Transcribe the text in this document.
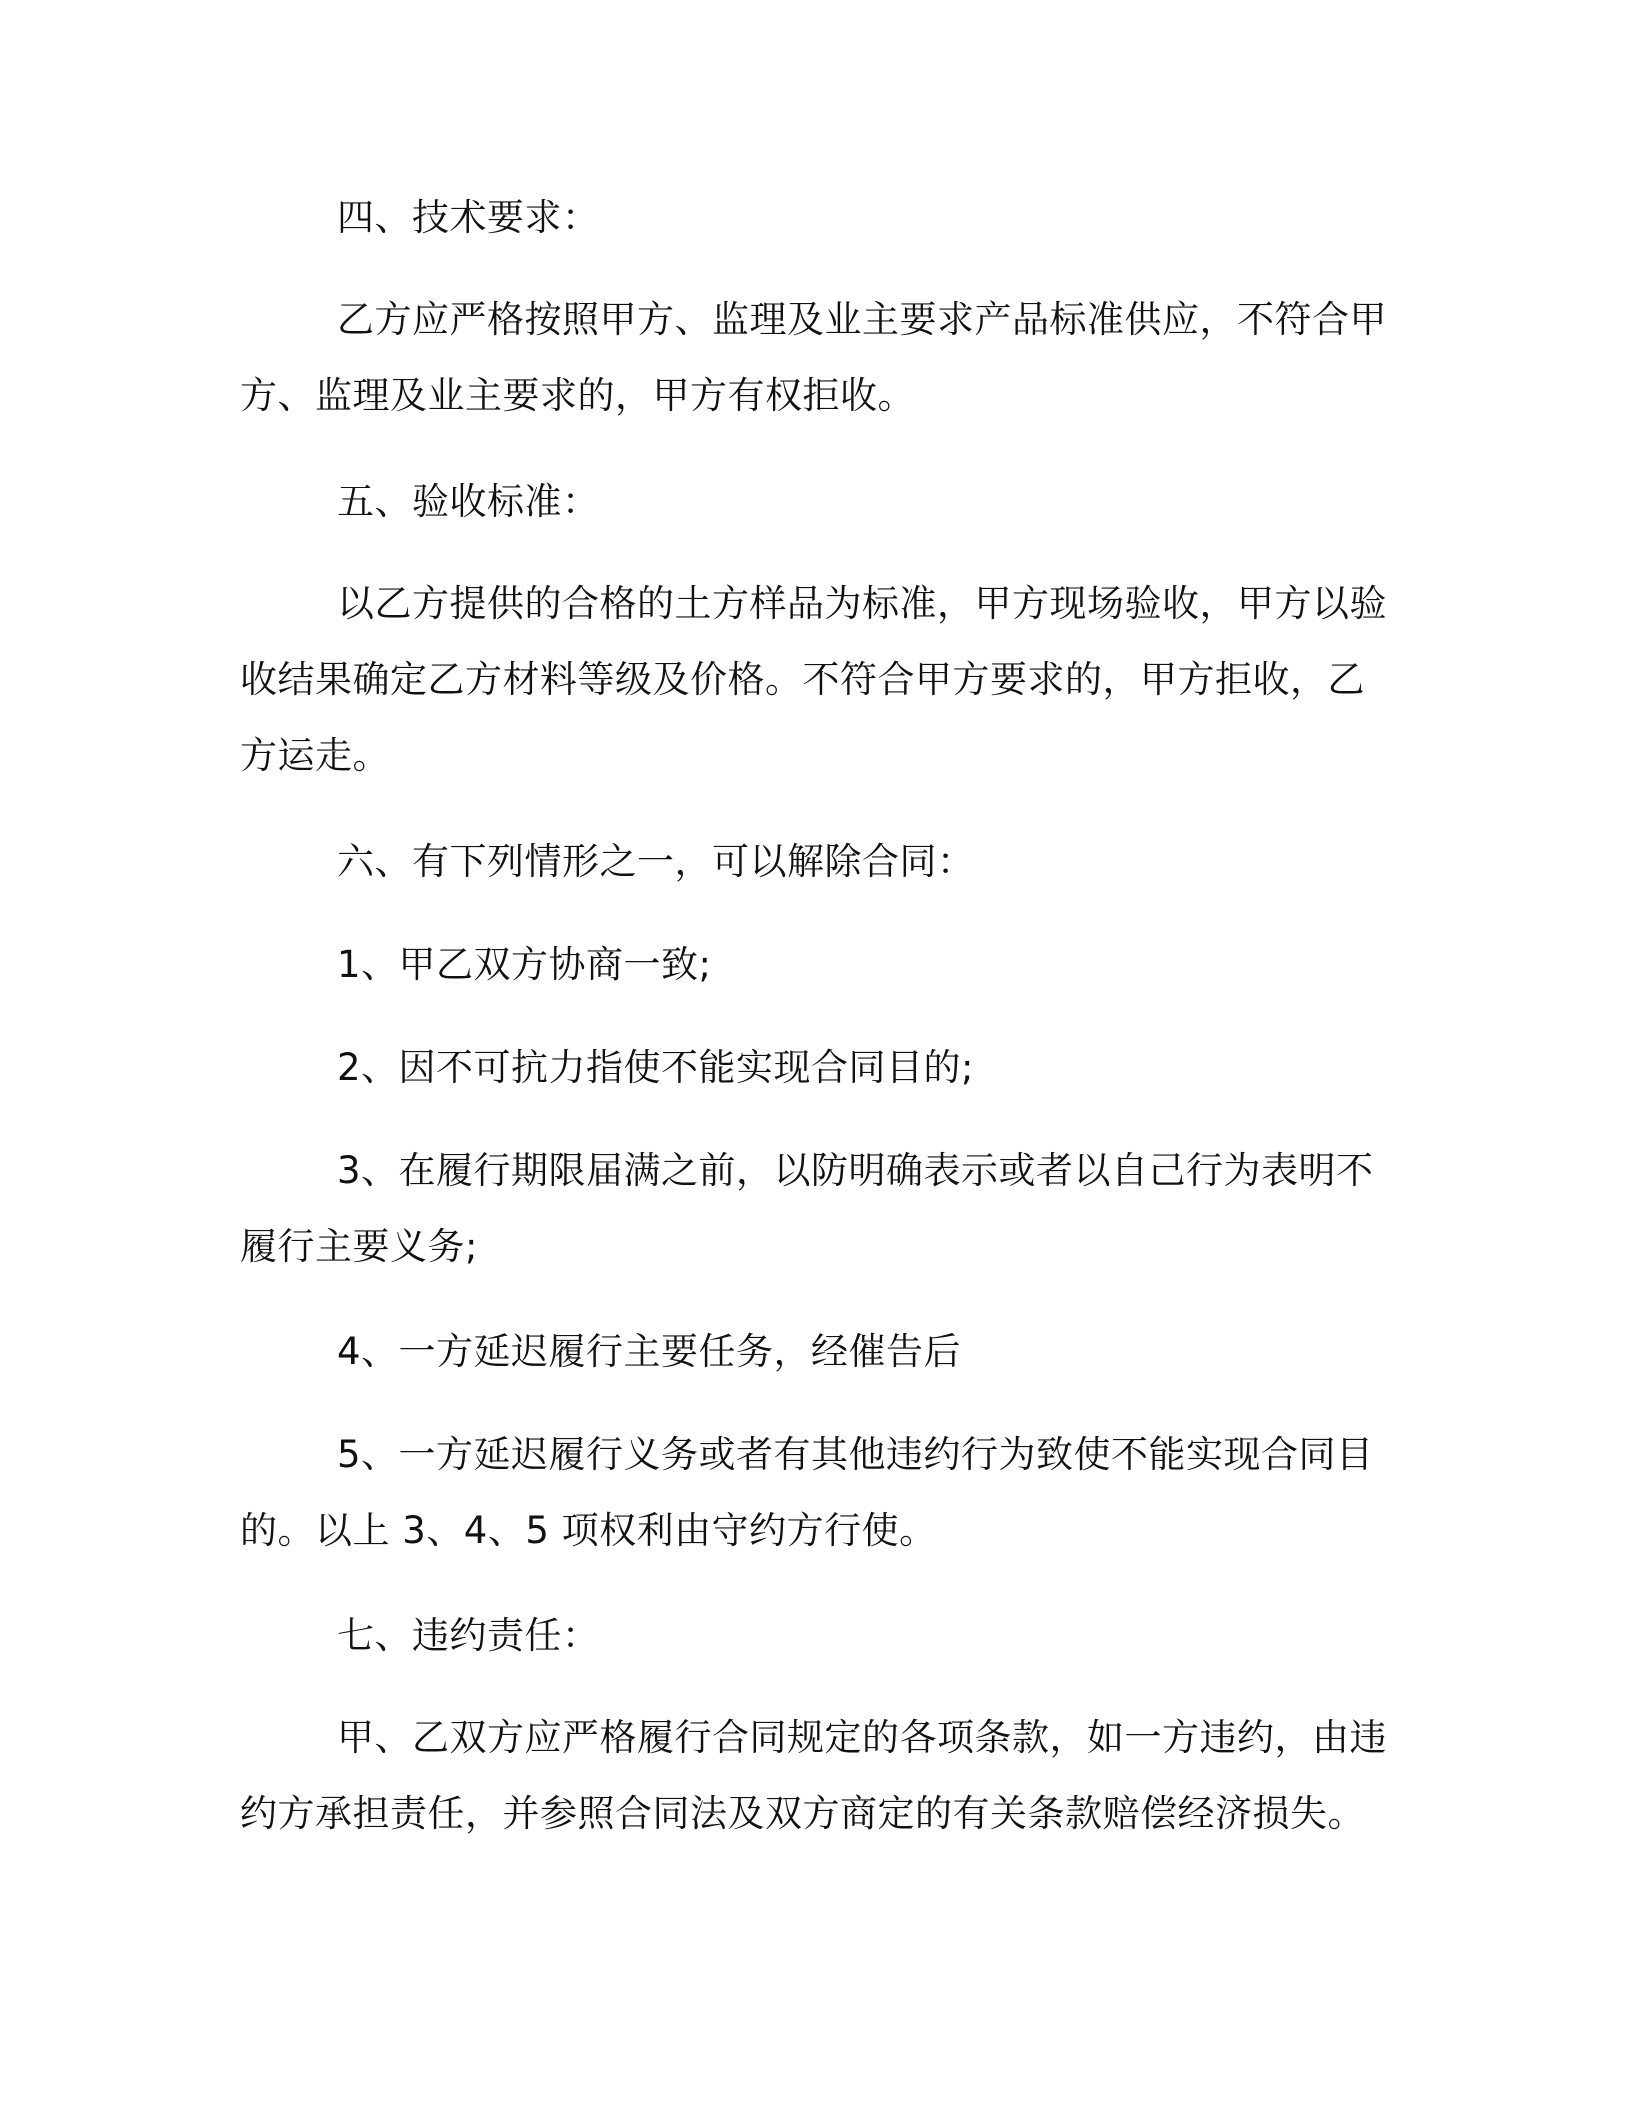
四、技术要求：

乙方应严格按照甲方、监理及业主要求产品标准供应，不符合甲方、监理及业主要求的，甲方有权拒收。

五、验收标准：

以乙方提供的合格的土方样品为标准，甲方现场验收，甲方以验收结果确定乙方材料等级及价格。不符合甲方要求的，甲方拒收，乙方运走。

六、有下列情形之一，可以解除合同：

1、甲乙双方协商一致;

2、因不可抗力指使不能实现合同目的;

3、在履行期限届满之前，以防明确表示或者以自己行为表明不履行主要义务;

4、一方延迟履行主要任务，经催告后

5、一方延迟履行义务或者有其他违约行为致使不能实现合同目的。以上 3、4、5 项权利由守约方行使。

七、违约责任：

甲、乙双方应严格履行合同规定的各项条款，如一方违约，由违约方承担责任，并参照合同法及双方商定的有关条款赔偿经济损失。
